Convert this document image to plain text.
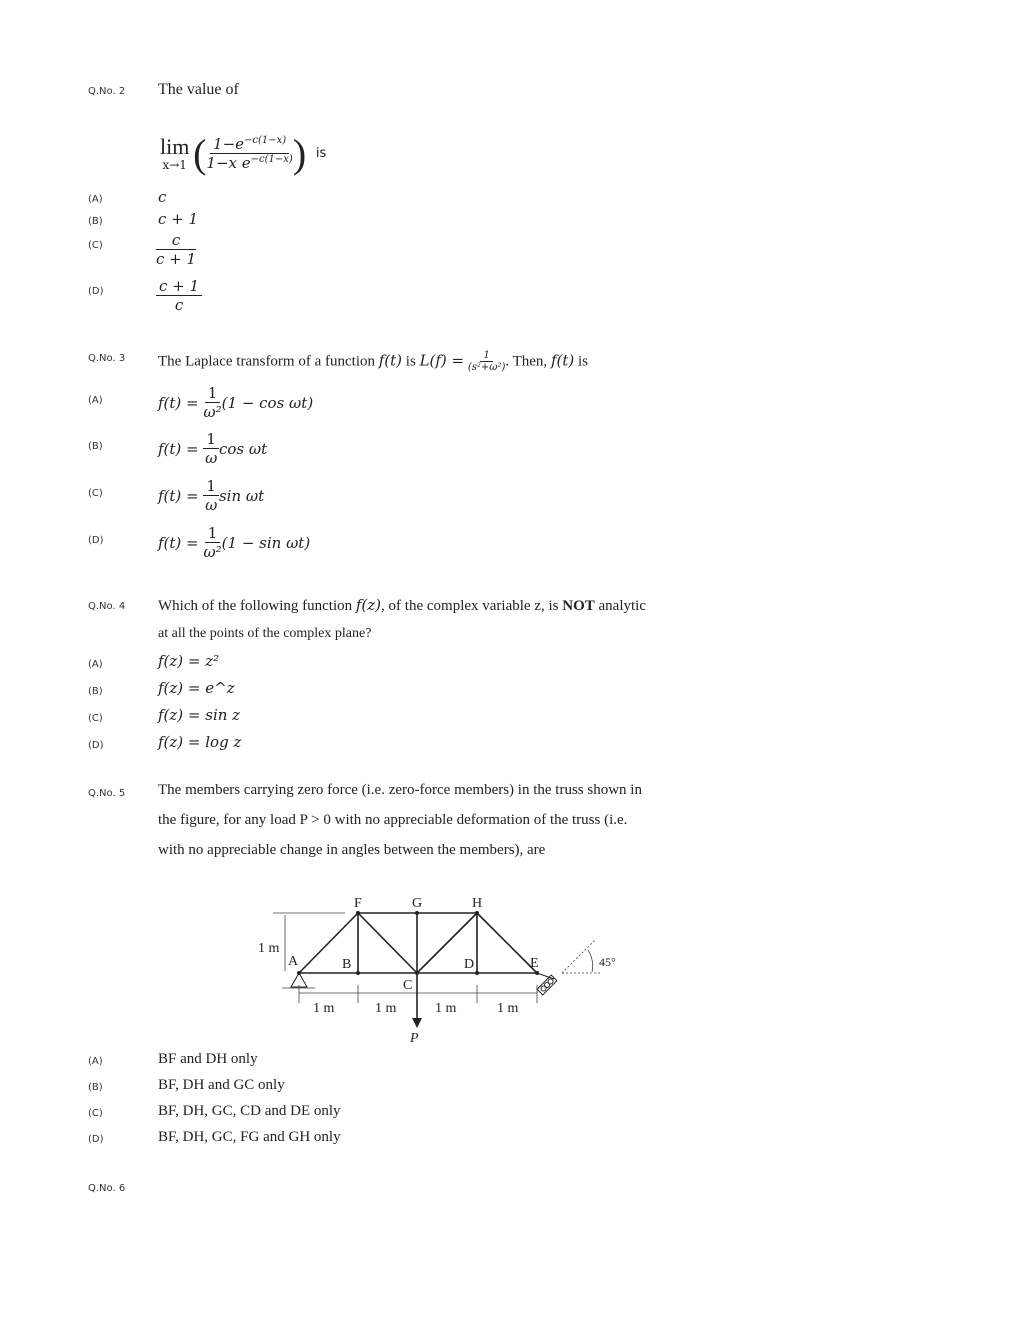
Q.No. 2 The value of
lim
x→1 ( $\frac{1-e^{-c(1-x)}}{1-x e^{-c(1-x)}}$ ) is
(A)	c
(B)	c + 1
(C)	$\frac{c}{c + 1}$
(D)	$\frac{c + 1}{c}$
Q.No. 3 The Laplace transform of a function f(t) is $L(f) = \frac{1}{\text{(s²+ω²)}}$ . Then, f(t) is
(A)	$f(t) = \frac{1}{\text{ω²}} (1 - \cos \omega t)$
(B)	$f(t) = \frac{1}{\omega}$ cos ωt
(C)	$f(t) = \frac{1}{\omega}$ sin ωt
(D)	$f(t) = \frac{1}{\text{ω²}} (1 - \sin \omega t)$
Q.No. 4 Which of the following function f(z), of the complex variable z, is NOT analytic
at all the points of the complex plane?
(A)	f(z) = z²
(B)	f(z) = e^z
(C)	f(z) = sin z
(D)	f(z) = log z
Q.No. 5 The members carrying zero force (i.e. zero-force members) in the truss shown in
the figure, for any load P > 0 with no appreciable deformation of the truss (i.e.
with no appreciable change in angles between the members), are
F	G	H
A	B
C
D	E
1 m
1 m	1 m	1 m	1 m
45°
P
(A)	BF and DH only
(B)	BF, DH and GC only
(C)	BF, DH, GC, CD and DE only
(D)	BF, DH, GC, FG and GH only
Q.No. 6
